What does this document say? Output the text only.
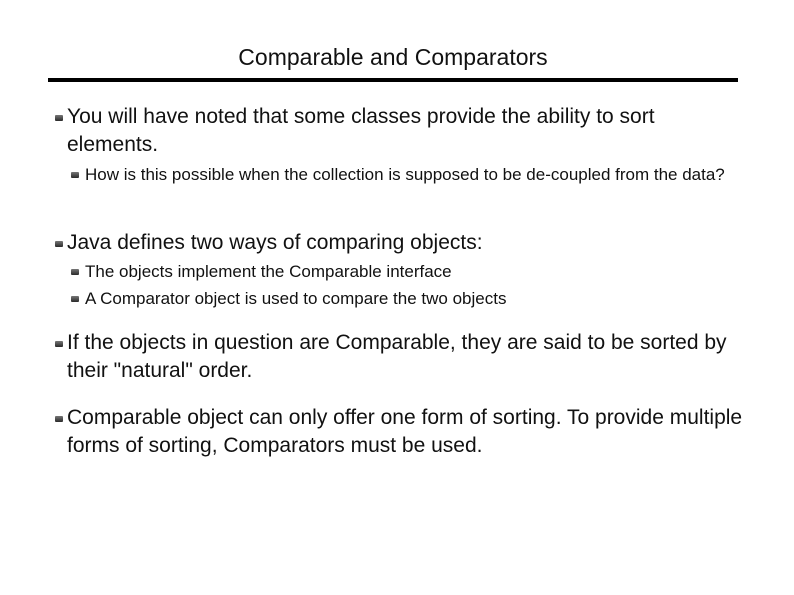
Comparable and Comparators
You will have noted that some classes provide the ability to sort elements.
How is this possible when the collection is supposed to be de-coupled from the data?
Java defines two ways of comparing objects:
The objects implement the Comparable interface
A Comparator object is used to compare the two objects
If the objects in question are Comparable, they are said to be sorted by their "natural" order.
Comparable object can only offer one form of sorting. To provide multiple forms of sorting, Comparators must be used.
